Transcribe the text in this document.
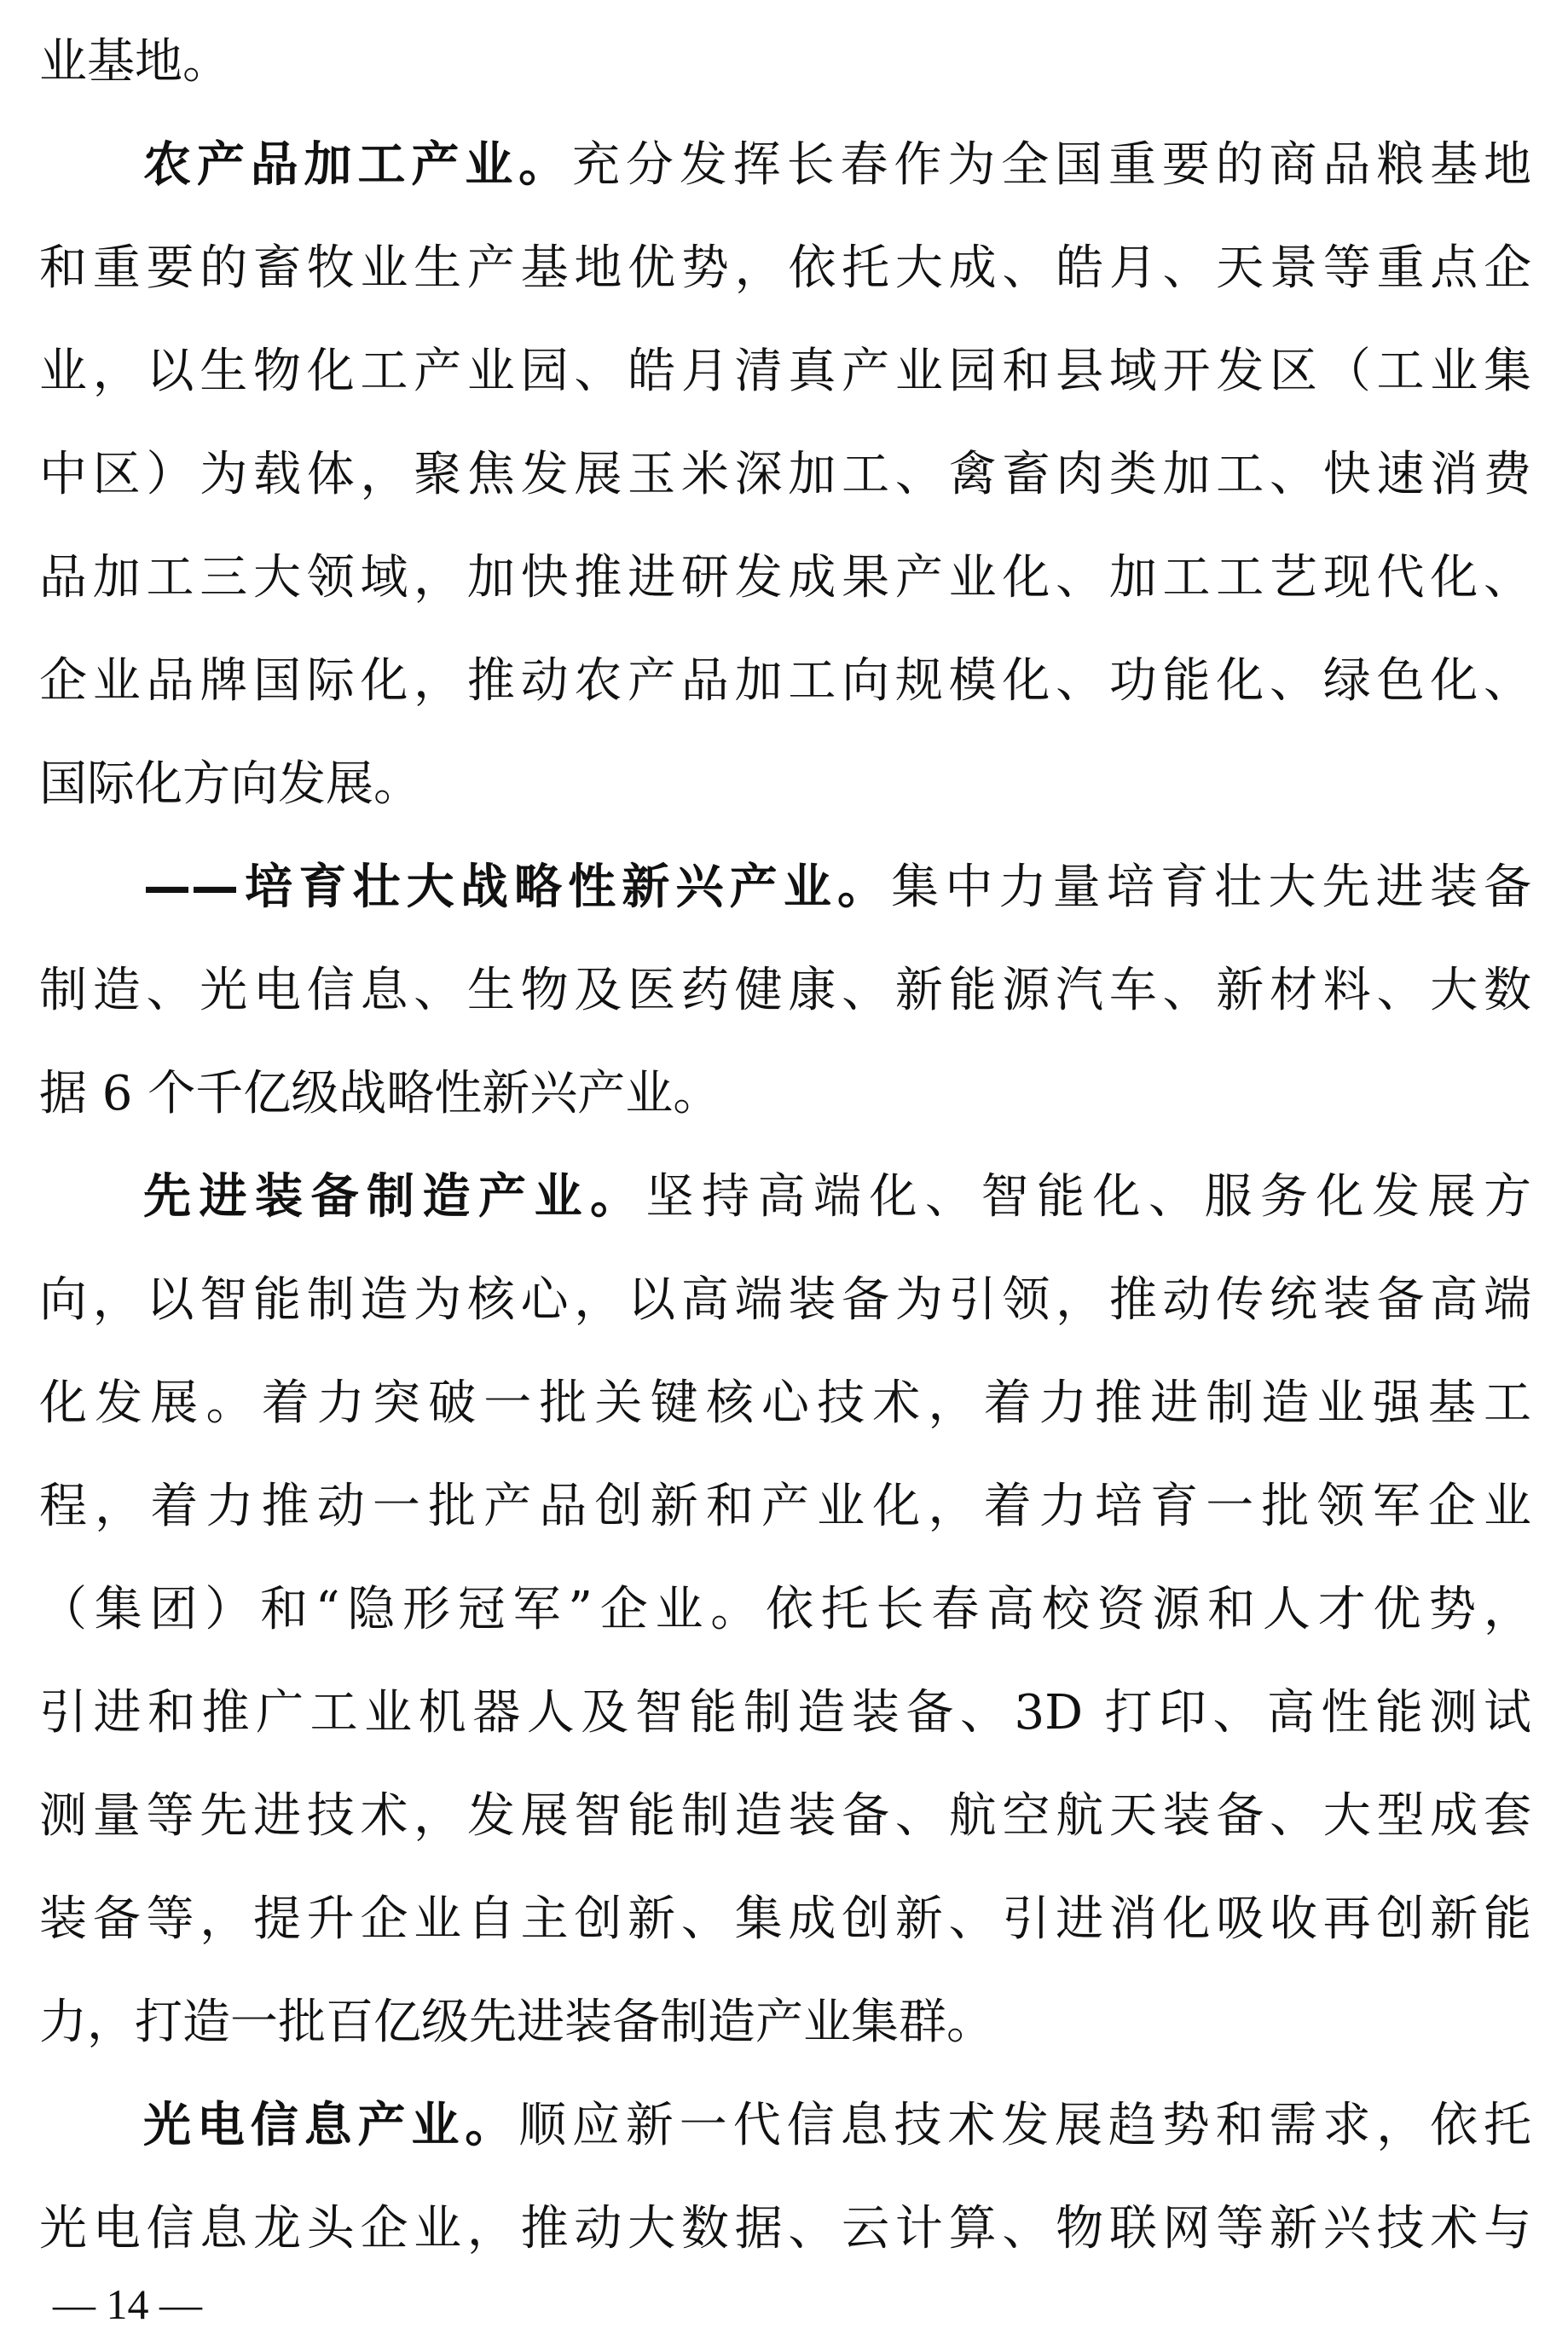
业基地。
农产品加工产业。充分发挥长春作为全国重要的商品粮基地
和重要的畜牧业生产基地优势，依托大成、皓月、天景等重点企
业，以生物化工产业园、皓月清真产业园和县域开发区（工业集
中区）为载体，聚焦发展玉米深加工、禽畜肉类加工、快速消费
品加工三大领域，加快推进研发成果产业化、加工工艺现代化、
企业品牌国际化，推动农产品加工向规模化、功能化、绿色化、
国际化方向发展。
——培育壮大战略性新兴产业。集中力量培育壮大先进装备
制造、光电信息、生物及医药健康、新能源汽车、新材料、大数
据 6 个千亿级战略性新兴产业。
先进装备制造产业。坚持高端化、智能化、服务化发展方
向，以智能制造为核心，以高端装备为引领，推动传统装备高端
化发展。着力突破一批关键核心技术，着力推进制造业强基工
程，着力推动一批产品创新和产业化，着力培育一批领军企业
（集团）和“隐形冠军”企业。依托长春高校资源和人才优势，
引进和推广工业机器人及智能制造装备、3D 打印、高性能测试
测量等先进技术，发展智能制造装备、航空航天装备、大型成套
装备等，提升企业自主创新、集成创新、引进消化吸收再创新能
力，打造一批百亿级先进装备制造产业集群。
光电信息产业。顺应新一代信息技术发展趋势和需求，依托
光电信息龙头企业，推动大数据、云计算、物联网等新兴技术与
— 14 —
